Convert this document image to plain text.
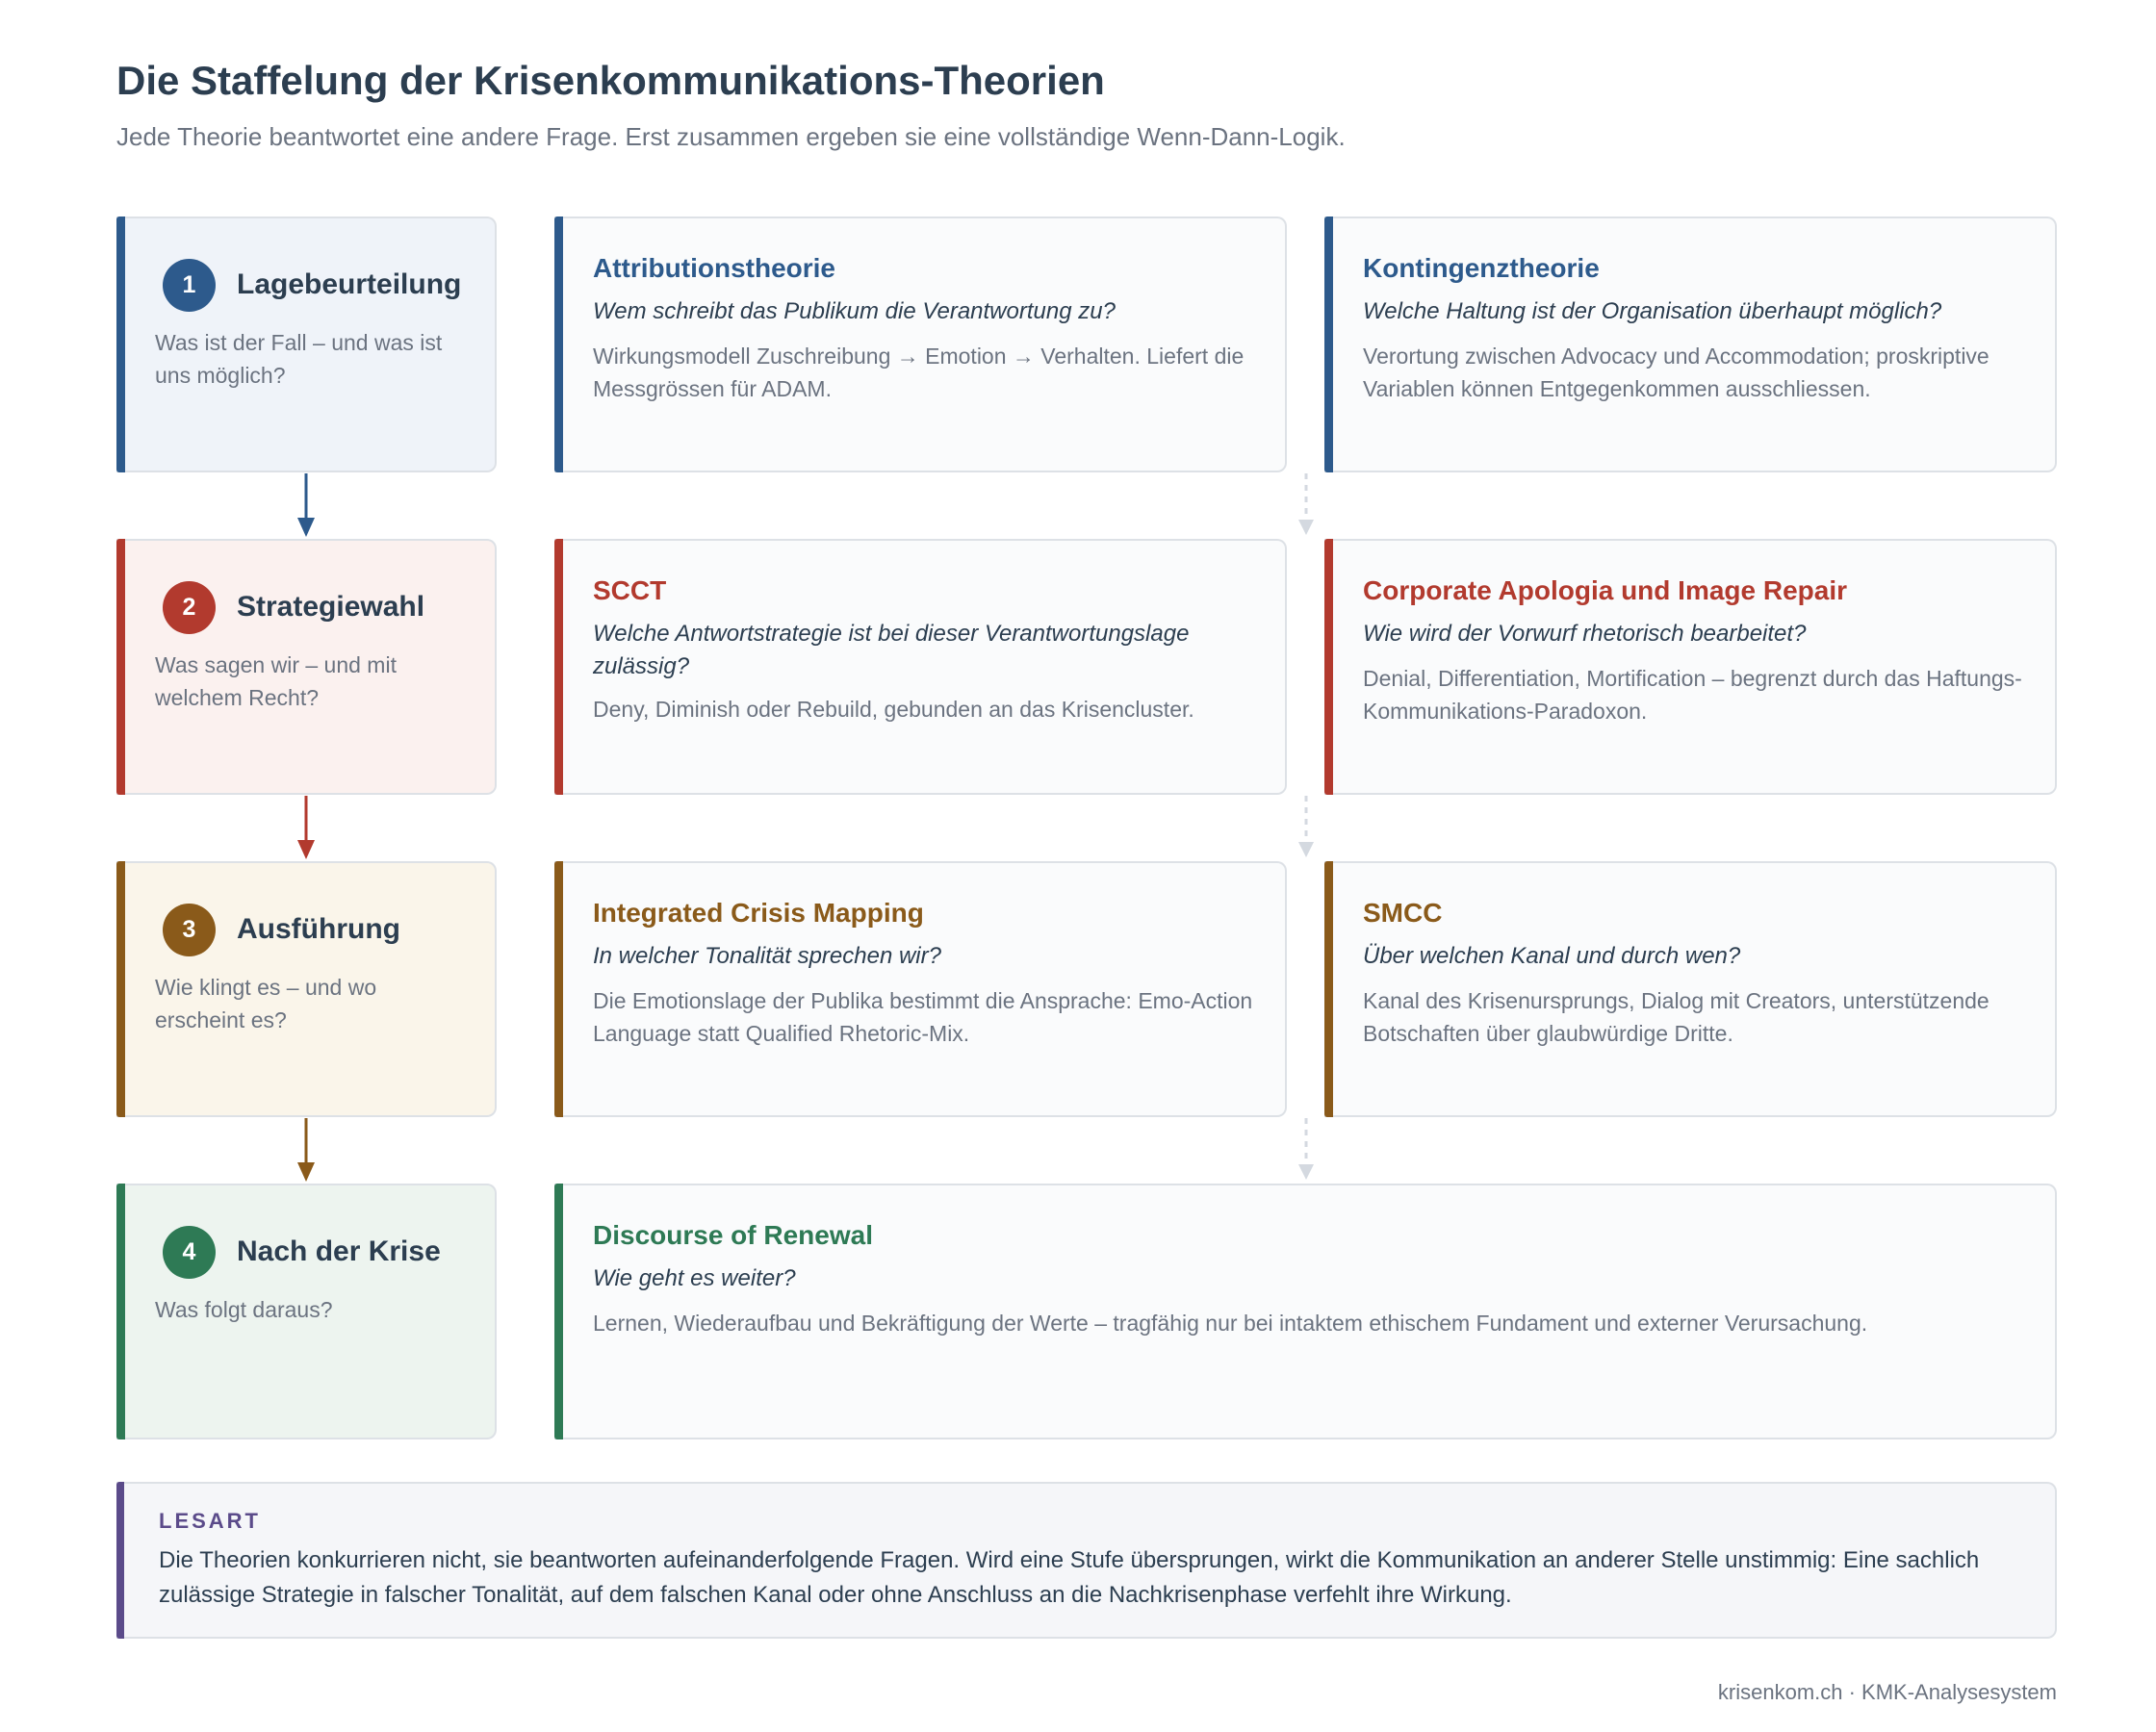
Die Staffelung der Krisenkommunikations-Theorien

Jede Theorie beantwortet eine andere Frage. Erst zusammen ergeben sie eine vollständige Wenn-Dann-Logik.

1	Lagebeurteilung
Was ist der Fall – und was ist uns möglich?
Attributionstheorie
Wem schreibt das Publikum die Verantwortung zu?
Wirkungsmodell Zuschreibung → Emotion → Verhalten. Liefert die Messgrössen für ADAM.
Kontingenztheorie
Welche Haltung ist der Organisation überhaupt möglich?
Verortung zwischen Advocacy und Accommodation; proskriptive Variablen können Entgegenkommen ausschliessen.
2	Strategiewahl
Was sagen wir – und mit welchem Recht?
SCCT
Welche Antwortstrategie ist bei dieser Verantwortungslage zulässig?
Deny, Diminish oder Rebuild, gebunden an das Krisencluster.
Corporate Apologia und Image Repair
Wie wird der Vorwurf rhetorisch bearbeitet?
Denial, Differentiation, Mortification – begrenzt durch das Haftungs-Kommunikations-Paradoxon.
3	Ausführung
Wie klingt es – und wo erscheint es?
Integrated Crisis Mapping
In welcher Tonalität sprechen wir?
Die Emotionslage der Publika bestimmt die Ansprache: Emo-Action Language statt Qualified Rhetoric-Mix.
SMCC
Über welchen Kanal und durch wen?
Kanal des Krisenursprungs, Dialog mit Creators, unterstützende Botschaften über glaubwürdige Dritte.
4	Nach der Krise
Was folgt daraus?
Discourse of Renewal
Wie geht es weiter?
Lernen, Wiederaufbau und Bekräftigung der Werte – tragfähig nur bei intaktem ethischem Fundament und externer Verursachung.
LESART
Die Theorien konkurrieren nicht, sie beantworten aufeinanderfolgende Fragen. Wird eine Stufe übersprungen, wirkt die Kommunikation an anderer Stelle unstimmig: Eine sachlich zulässige Strategie in falscher Tonalität, auf dem falschen Kanal oder ohne Anschluss an die Nachkrisenphase verfehlt ihre Wirkung.
krisenkom.ch · KMK-Analysesystem
